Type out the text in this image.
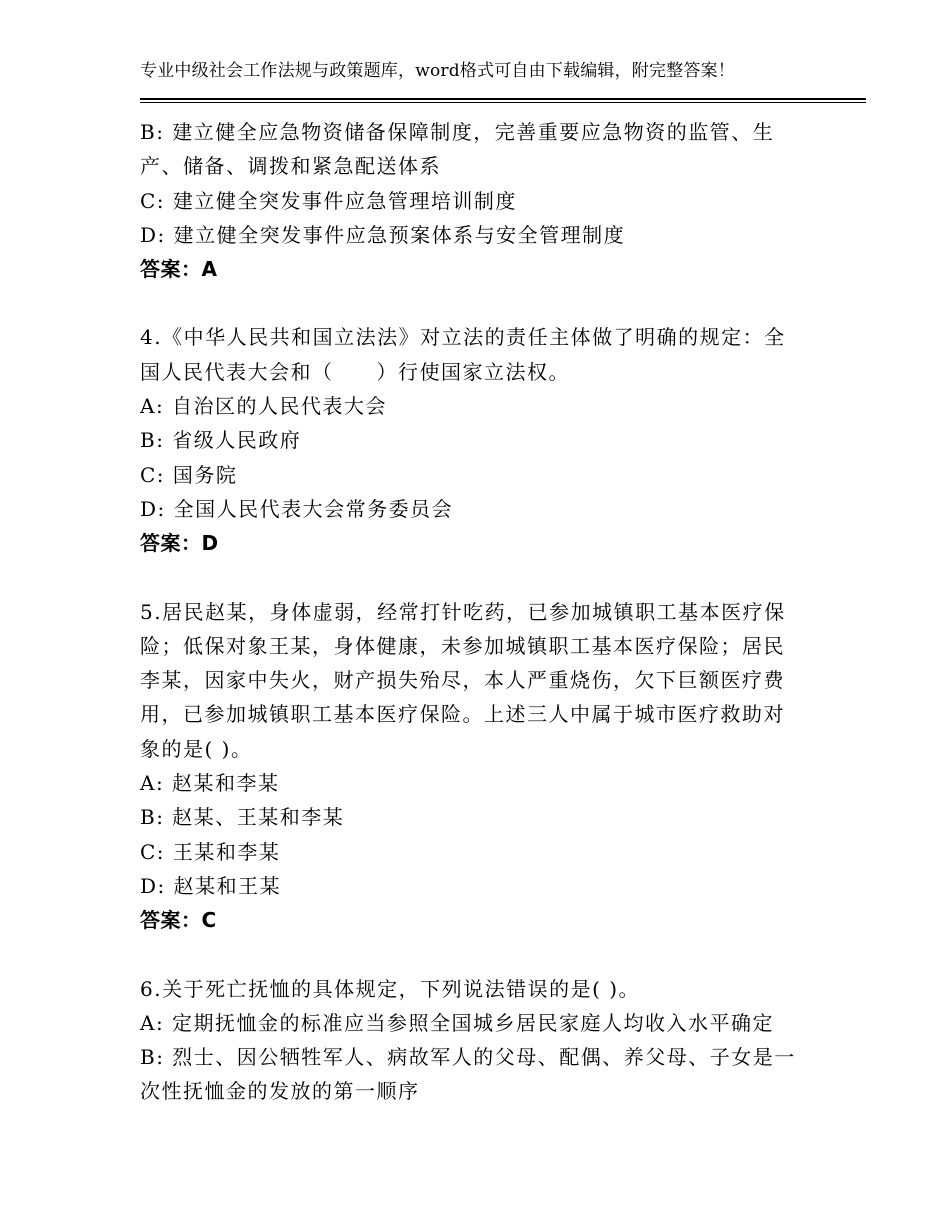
专业中级社会工作法规与政策题库，word格式可自由下载编辑，附完整答案！
B: 建立健全应急物资储备保障制度，完善重要应急物资的监管、生
产、储备、调拨和紧急配送体系
C: 建立健全突发事件应急管理培训制度
D: 建立健全突发事件应急预案体系与安全管理制度
答案：A
4.《中华人民共和国立法法》对立法的责任主体做了明确的规定：全
国人民代表大会和（　　）行使国家立法权。
A: 自治区的人民代表大会
B: 省级人民政府
C: 国务院
D: 全国人民代表大会常务委员会
答案：D
5.居民赵某，身体虚弱，经常打针吃药，已参加城镇职工基本医疗保
险；低保对象王某，身体健康，未参加城镇职工基本医疗保险；居民
李某，因家中失火，财产损失殆尽，本人严重烧伤，欠下巨额医疗费
用，已参加城镇职工基本医疗保险。上述三人中属于城市医疗救助对
象的是( )。
A: 赵某和李某
B: 赵某、王某和李某
C: 王某和李某
D: 赵某和王某
答案：C
6.关于死亡抚恤的具体规定，下列说法错误的是( )。
A: 定期抚恤金的标准应当参照全国城乡居民家庭人均收入水平确定
B: 烈士、因公牺牲军人、病故军人的父母、配偶、养父母、子女是一
次性抚恤金的发放的第一顺序
